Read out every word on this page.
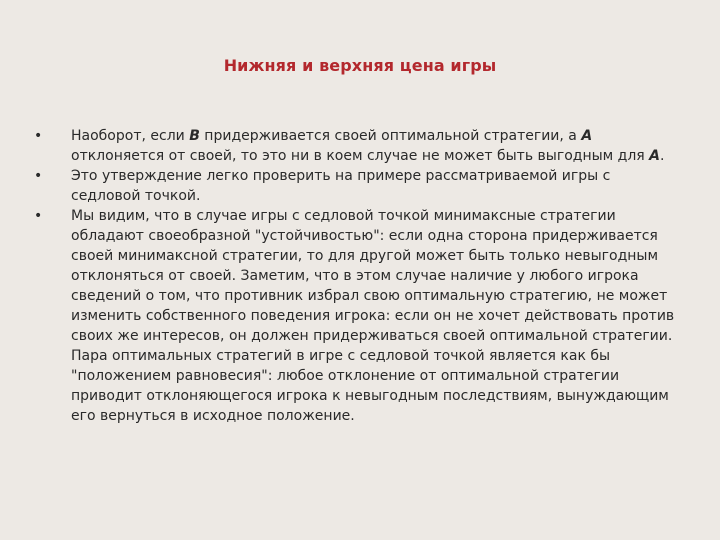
Нижняя и верхняя цена игры
•	Наоборот, если B придерживается своей оптимальной стратегии, а A отклоняется от своей, то это ни в коем случае не может быть выгодным для А.
•	Это утверждение легко проверить на примере рассматриваемой игры с седловой точкой.
•	Мы видим, что в случае игры с седловой точкой минимаксные стратегии обладают своеобразной "устойчивостью": если одна сторона придерживается своей минимаксной стратегии, то для другой может быть только невыгодным отклоняться от своей. Заметим, что в этом случае наличие у любого игрока сведений о том, что противник избрал свою оптимальную стратегию, не может изменить собственного поведения игрока: если он не хочет действовать против своих же интересов, он должен придерживаться своей оптимальной стратегии. Пара оптимальных стратегий в игре с седловой точкой является как бы "положением равновесия": любое отклонение от оптимальной стратегии приводит отклоняющегося игрока к невыгодным последствиям, вынуждающим его вернуться в исходное положение.
